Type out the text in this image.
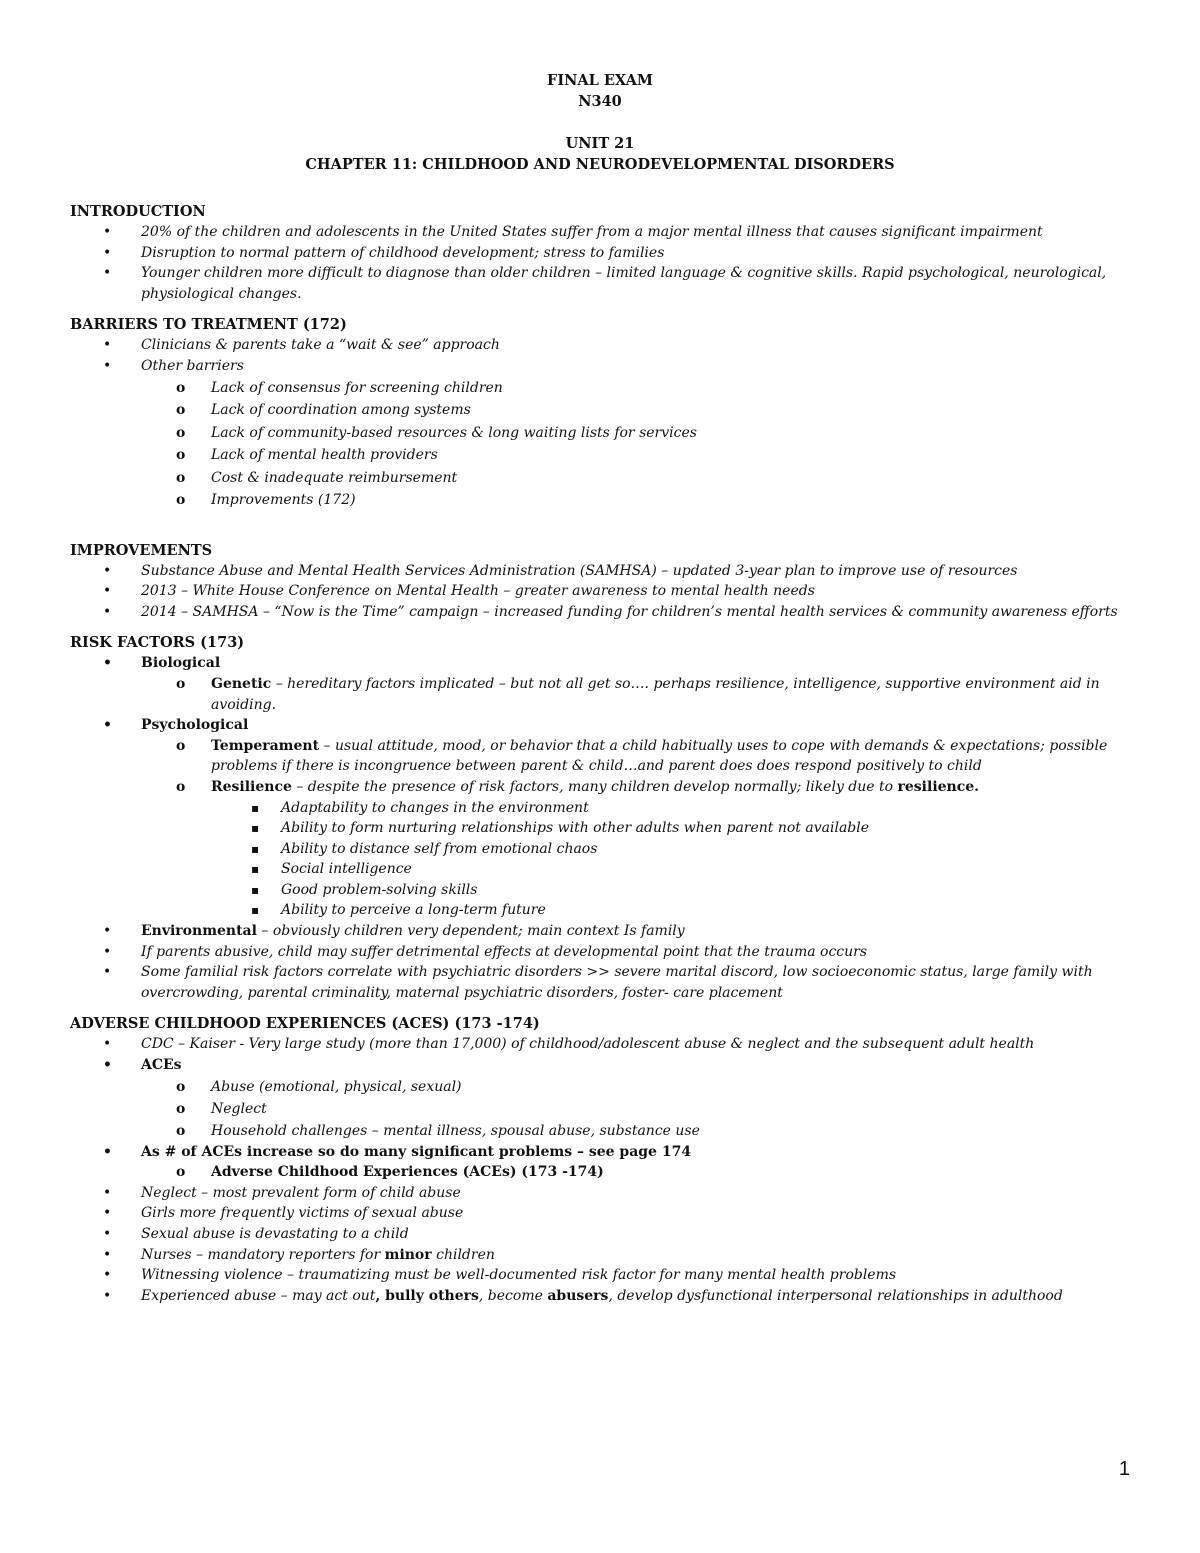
FINAL EXAM
N340
UNIT 21
CHAPTER 11: CHILDHOOD AND NEURODEVELOPMENTAL DISORDERS
INTRODUCTION
• 20% of the children and adolescents in the United States suffer from a major mental illness that causes significant impairment
• Disruption to normal pattern of childhood development; stress to families
• Younger children more difficult to diagnose than older children – limited language & cognitive skills. Rapid psychological, neurological, physiological changes.
BARRIERS TO TREATMENT (172)
• Clinicians & parents take a “wait & see” approach
• Other barriers
o Lack of consensus for screening children
o Lack of coordination among systems
o Lack of community-based resources & long waiting lists for services
o Lack of mental health providers
o Cost & inadequate reimbursement
o Improvements (172)
IMPROVEMENTS
• Substance Abuse and Mental Health Services Administration (SAMHSA) – updated 3-year plan to improve use of resources
• 2013 – White House Conference on Mental Health – greater awareness to mental health needs
• 2014 – SAMHSA – “Now is the Time” campaign – increased funding for children’s mental health services & community awareness efforts
RISK FACTORS (173)
• Biological
o Genetic – hereditary factors implicated – but not all get so…. perhaps resilience, intelligence, supportive environment aid in avoiding.
• Psychological
o Temperament – usual attitude, mood, or behavior that a child habitually uses to cope with demands & expectations; possible problems if there is incongruence between parent & child…and parent does does respond positively to child
o Resilience – despite the presence of risk factors, many children develop normally; likely due to resilience.
▪ Adaptability to changes in the environment
▪ Ability to form nurturing relationships with other adults when parent not available
▪ Ability to distance self from emotional chaos
▪ Social intelligence
▪ Good problem-solving skills
▪ Ability to perceive a long-term future
• Environmental – obviously children very dependent; main context Is family
• If parents abusive, child may suffer detrimental effects at developmental point that the trauma occurs
• Some familial risk factors correlate with psychiatric disorders >> severe marital discord, low socioeconomic status, large family with overcrowding, parental criminality, maternal psychiatric disorders, foster- care placement
ADVERSE CHILDHOOD EXPERIENCES (ACES) (173 -174)
• CDC – Kaiser - Very large study (more than 17,000) of childhood/adolescent abuse & neglect and the subsequent adult health
• ACEs
o Abuse (emotional, physical, sexual)
o Neglect
o Household challenges – mental illness, spousal abuse, substance use
• As # of ACEs increase so do many significant problems – see page 174
o Adverse Childhood Experiences (ACEs) (173 -174)
• Neglect – most prevalent form of child abuse
• Girls more frequently victims of sexual abuse
• Sexual abuse is devastating to a child
• Nurses – mandatory reporters for minor children
• Witnessing violence – traumatizing must be well-documented risk factor for many mental health problems
• Experienced abuse – may act out, bully others, become abusers, develop dysfunctional interpersonal relationships in adulthood
1
